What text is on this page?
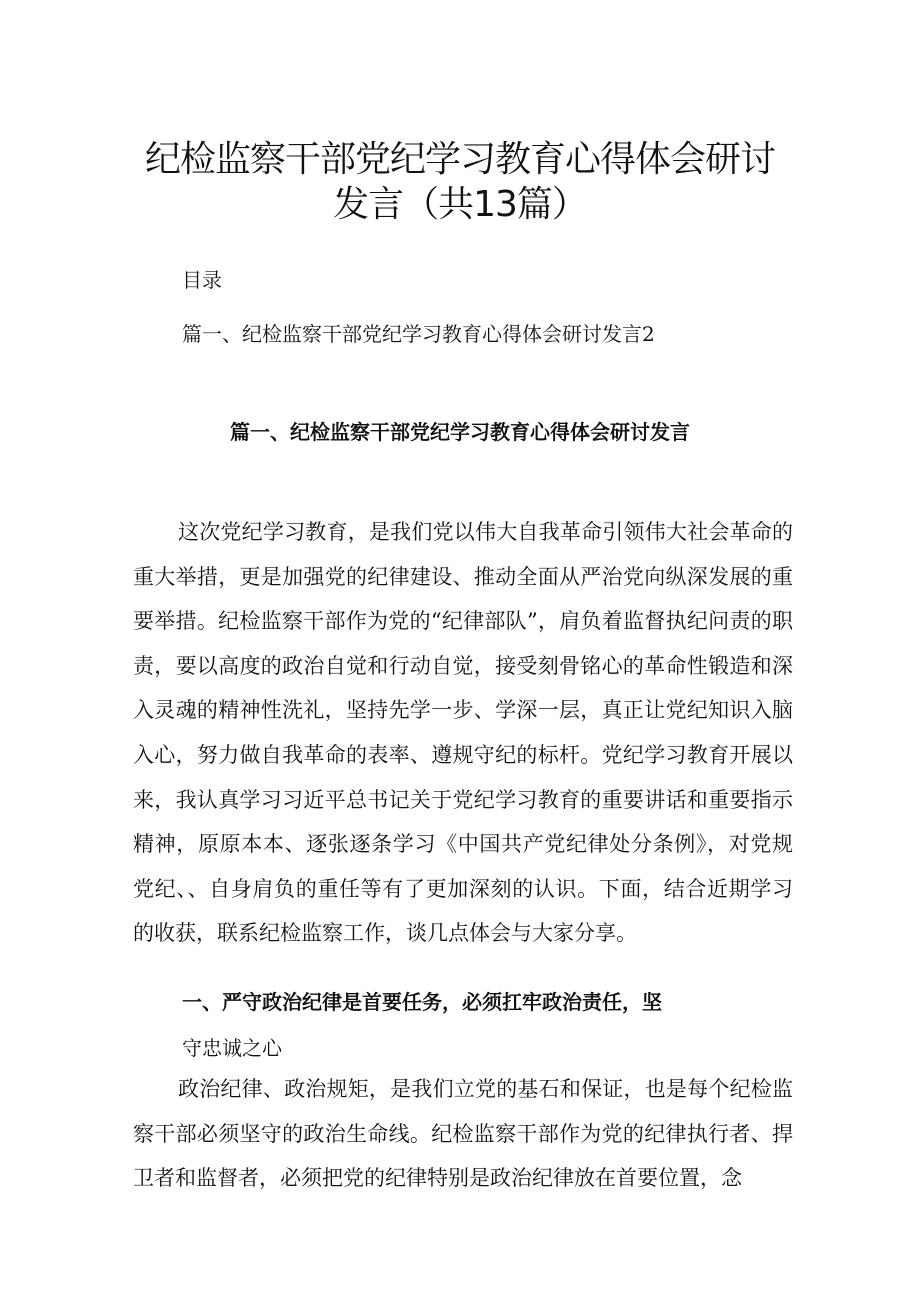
纪检监察干部党纪学习教育心得体会研讨
发言（共13篇）

目录

篇一、纪检监察干部党纪学习教育心得体会研讨发言2

篇一、纪检监察干部党纪学习教育心得体会研讨发言

这次党纪学习教育，是我们党以伟大自我革命引领伟大社会革命的重大举措，更是加强党的纪律建设、推动全面从严治党向纵深发展的重要举措。纪检监察干部作为党的“纪律部队”，肩负着监督执纪问责的职责，要以高度的政治自觉和行动自觉，接受刻骨铭心的革命性锻造和深入灵魂的精神性洗礼，坚持先学一步、学深一层，真正让党纪知识入脑入心，努力做自我革命的表率、遵规守纪的标杆。党纪学习教育开展以来，我认真学习习近平总书记关于党纪学习教育的重要讲话和重要指示精神，原原本本、逐张逐条学习《中国共产党纪律处分条例》，对党规党纪、、自身肩负的重任等有了更加深刻的认识。下面，结合近期学习的收获，联系纪检监察工作，谈几点体会与大家分享。

一、严守政治纪律是首要任务，必须扛牢政治责任，坚

守忠诚之心

政治纪律、政治规矩，是我们立党的基石和保证，也是每个纪检监察干部必须坚守的政治生命线。纪检监察干部作为党的纪律执行者、捍卫者和监督者，必须把党的纪律特别是政治纪律放在首要位置，念
